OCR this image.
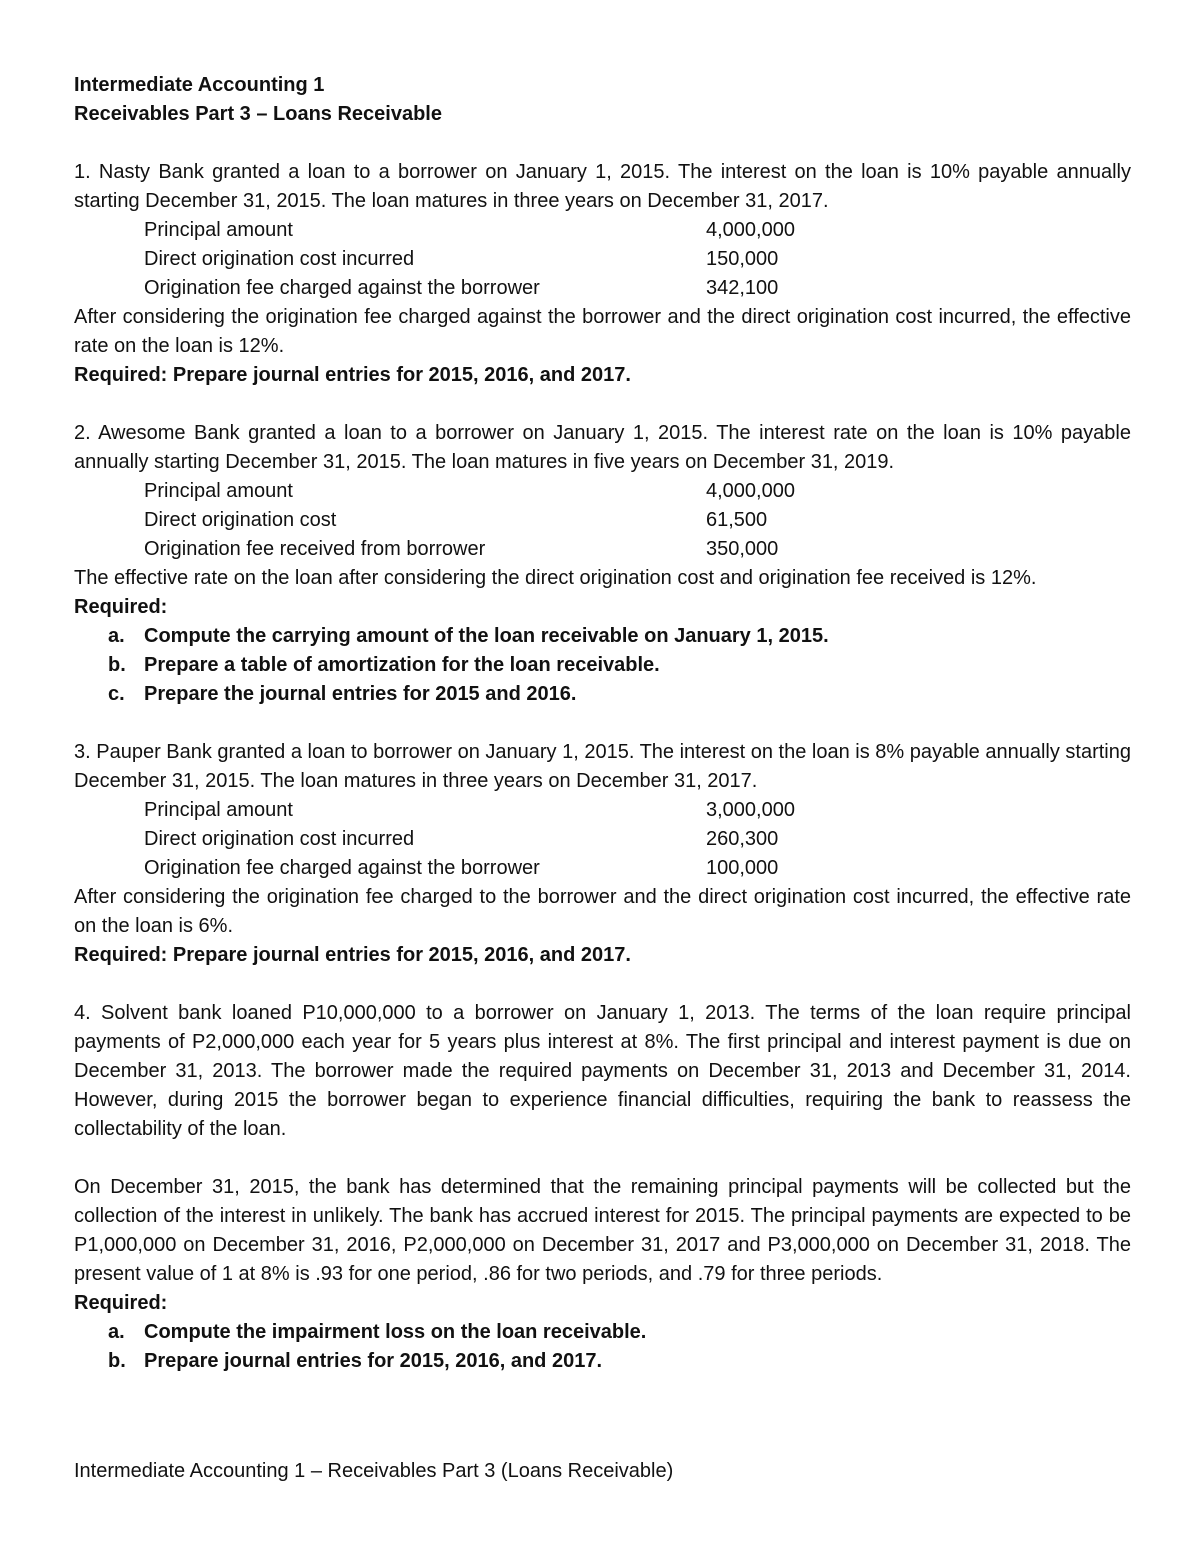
Intermediate Accounting 1
Receivables Part 3 – Loans Receivable

1. Nasty Bank granted a loan to a borrower on January 1, 2015. The interest on the loan is 10% payable annually starting December 31, 2015. The loan matures in three years on December 31, 2017.

Principal amount	4,000,000
Direct origination cost incurred	150,000
Origination fee charged against the borrower	342,100

After considering the origination fee charged against the borrower and the direct origination cost incurred, the effective rate on the loan is 12%.

Required: Prepare journal entries for 2015, 2016, and 2017.

2. Awesome Bank granted a loan to a borrower on January 1, 2015. The interest rate on the loan is 10% payable annually starting December 31, 2015. The loan matures in five years on December 31, 2019.

Principal amount	4,000,000
Direct origination cost	61,500
Origination fee received from borrower	350,000

The effective rate on the loan after considering the direct origination cost and origination fee received is 12%.

Required:

a. Compute the carrying amount of the loan receivable on January 1, 2015.
b. Prepare a table of amortization for the loan receivable.
c. Prepare the journal entries for 2015 and 2016.

3. Pauper Bank granted a loan to borrower on January 1, 2015. The interest on the loan is 8% payable annually starting December 31, 2015. The loan matures in three years on December 31, 2017.

Principal amount	3,000,000
Direct origination cost incurred	260,300
Origination fee charged against the borrower	100,000

After considering the origination fee charged to the borrower and the direct origination cost incurred, the effective rate on the loan is 6%.

Required: Prepare journal entries for 2015, 2016, and 2017.

4. Solvent bank loaned P10,000,000 to a borrower on January 1, 2013. The terms of the loan require principal payments of P2,000,000 each year for 5 years plus interest at 8%. The first principal and interest payment is due on December 31, 2013. The borrower made the required payments on December 31, 2013 and December 31, 2014. However, during 2015 the borrower began to experience financial difficulties, requiring the bank to reassess the collectability of the loan.

On December 31, 2015, the bank has determined that the remaining principal payments will be collected but the collection of the interest in unlikely. The bank has accrued interest for 2015. The principal payments are expected to be P1,000,000 on December 31, 2016, P2,000,000 on December 31, 2017 and P3,000,000 on December 31, 2018. The present value of 1 at 8% is .93 for one period, .86 for two periods, and .79 for three periods.

Required:

a. Compute the impairment loss on the loan receivable.
b. Prepare journal entries for 2015, 2016, and 2017.
Intermediate Accounting 1 – Receivables Part 3 (Loans Receivable)
